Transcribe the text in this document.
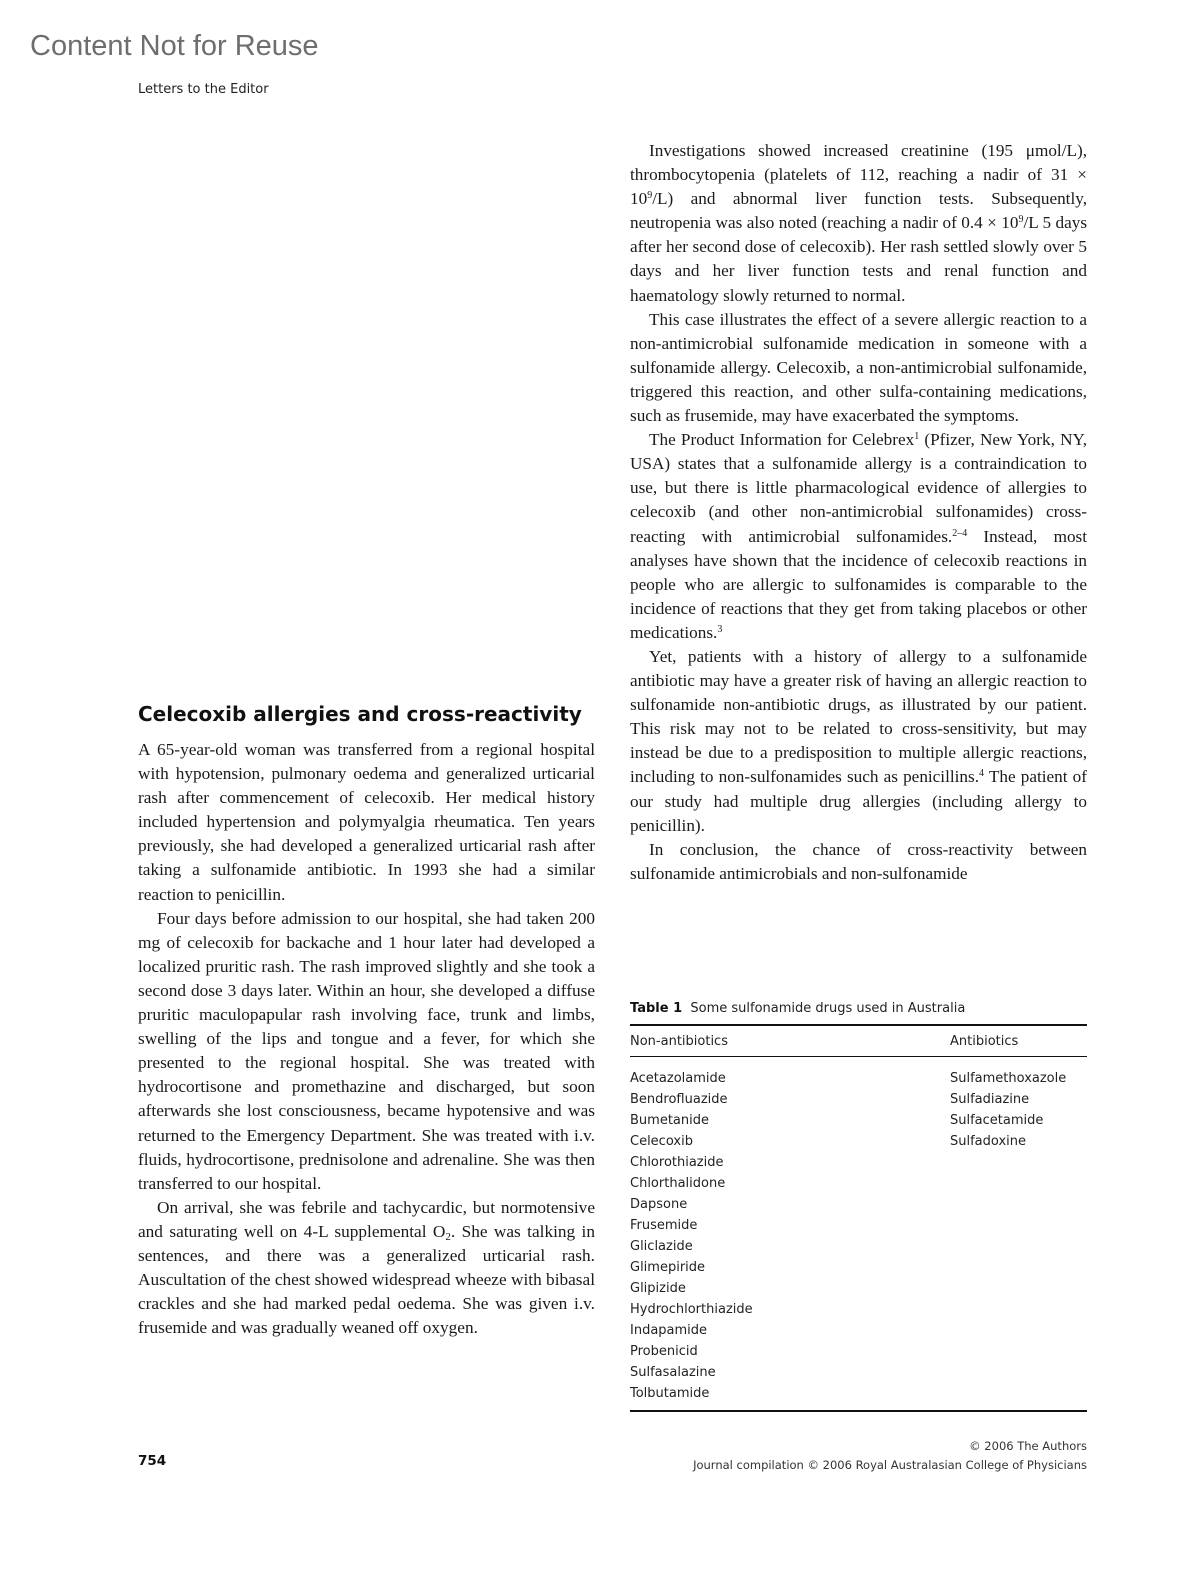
Content Not for Reuse
Letters to the Editor
Celecoxib allergies and cross-reactivity

A 65-year-old woman was transferred from a regional hospital with hypotension, pulmonary oedema and generalized urticarial rash after commencement of celecoxib. Her medical history included hypertension and polymyalgia rheumatica. Ten years previously, she had developed a generalized urticarial rash after taking a sulfonamide antibiotic. In 1993 she had a similar reaction to penicillin.

Four days before admission to our hospital, she had taken 200 mg of celecoxib for backache and 1 hour later had developed a localized pruritic rash. The rash improved slightly and she took a second dose 3 days later. Within an hour, she developed a diffuse pruritic maculopapular rash involving face, trunk and limbs, swelling of the lips and tongue and a fever, for which she presented to the regional hospital. She was treated with hydrocortisone and promethazine and discharged, but soon afterwards she lost consciousness, became hypotensive and was returned to the Emergency Department. She was treated with i.v. fluids, hydrocortisone, prednisolone and adrenaline. She was then transferred to our hospital.

On arrival, she was febrile and tachycardic, but normotensive and saturating well on 4-L supplemental $O_2$. She was talking in sentences, and there was a generalized urticarial rash. Auscultation of the chest showed widespread wheeze with bibasal crackles and she had marked pedal oedema. She was given i.v. frusemide and was gradually weaned off oxygen.

Investigations showed increased creatinine (195 μmol/L), thrombocytopenia (platelets of 112, reaching a nadir of $31 \times 10^9/L$) and abnormal liver function tests. Subsequently, neutropenia was also noted (reaching a nadir of $0.4 \times 10^9/L$ 5 days after her second dose of celecoxib). Her rash settled slowly over 5 days and her liver function tests and renal function and haematology slowly returned to normal.

This case illustrates the effect of a severe allergic reaction to a non-antimicrobial sulfonamide medication in someone with a sulfonamide allergy. Celecoxib, a non-antimicrobial sulfonamide, triggered this reaction, and other sulfa-containing medications, such as frusemide, may have exacerbated the symptoms.

The Product Information for Celebrex$^1$ (Pfizer, New York, NY, USA) states that a sulfonamide allergy is a contraindication to use, but there is little pharmacological evidence of allergies to celecoxib (and other non-antimicrobial sulfonamides) cross-reacting with antimicrobial sulfonamides.$^{2-4}$ Instead, most analyses have shown that the incidence of celecoxib reactions in people who are allergic to sulfonamides is comparable to the incidence of reactions that they get from taking placebos or other medications.$^3$

Yet, patients with a history of allergy to a sulfonamide antibiotic may have a greater risk of having an allergic reaction to sulfonamide non-antibiotic drugs, as illustrated by our patient. This risk may not to be related to cross-sensitivity, but may instead be due to a predisposition to multiple allergic reactions, including to non-sulfonamides such as penicillins.$^4$ The patient of our study had multiple drug allergies (including allergy to penicillin).

In conclusion, the chance of cross-reactivity between sulfonamide antimicrobials and non-sulfonamide

Table 1 Some sulfonamide drugs used in Australia
Non-antibiotics	Antibiotics
Acetazolamide
Bendrofluazide
Bumetanide
Celecoxib
Chlorothiazide
Chlorthalidone
Dapsone
Frusemide
Gliclazide
Glimepiride
Glipizide
Hydrochlorthiazide
Indapamide
Probenicid
Sulfasalazine
Tolbutamide
Sulfamethoxazole
Sulfadiazine
Sulfacetamide
Sulfadoxine
754
© 2006 The Authors
Journal compilation © 2006 Royal Australasian College of Physicians
